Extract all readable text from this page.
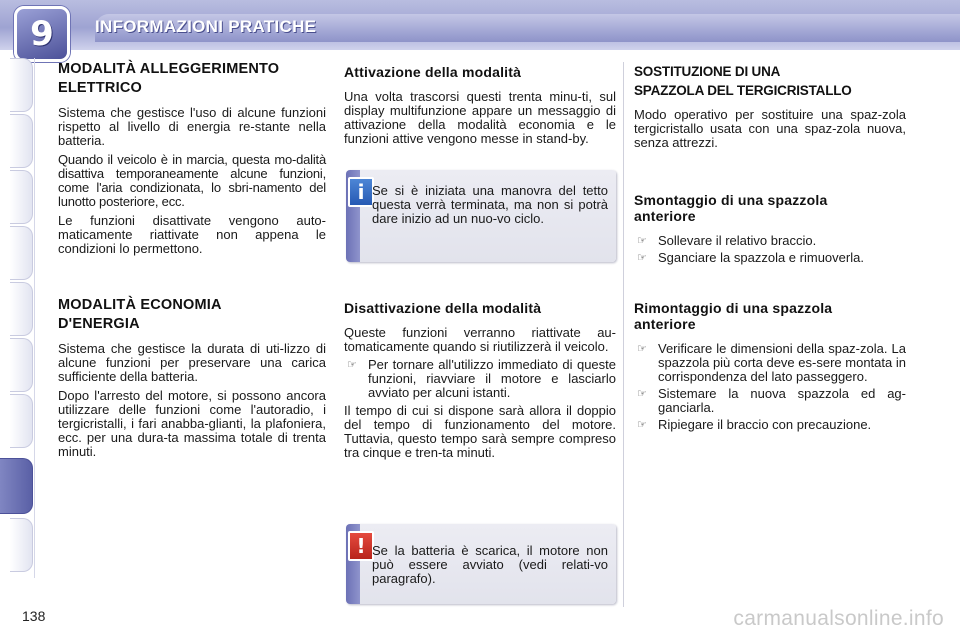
9	INFORMAZIONI PRATICHE
MODALITÀ ALLEGGERIMENTO
ELETTRICO

Sistema che gestisce l'uso di alcune funzioni rispetto al livello di energia re-stante nella batteria.

Quando il veicolo è in marcia, questa mo-dalità disattiva temporaneamente alcune funzioni, come l'aria condizionata, lo sbri-namento del lunotto posteriore, ecc.

Le funzioni disattivate vengono auto-maticamente riattivate non appena le condizioni lo permettono.

MODALITÀ ECONOMIA
D'ENERGIA

Sistema che gestisce la durata di uti-lizzo di alcune funzioni per preservare una carica sufficiente della batteria.

Dopo l'arresto del motore, si possono ancora utilizzare delle funzioni come l'autoradio, i tergicristalli, i fari anabba-glianti, la plafoniera, ecc. per una dura-ta massima totale di trenta minuti.

Attivazione della modalità

Una volta trascorsi questi trenta minu-ti, sul display multifunzione appare un messaggio di attivazione della modalità economia e le funzioni attive vengono messe in stand-by.

Disattivazione della modalità

Queste funzioni verranno riattivate au-tomaticamente quando si riutilizzerà il veicolo.

☞ Per tornare all'utilizzo immediato di queste funzioni, riavviare il motore e lasciarlo avviato per alcuni istanti.

Il tempo di cui si dispone sarà allora il doppio del tempo di funzionamento del motore. Tuttavia, questo tempo sarà sempre compreso tra cinque e tren-ta minuti.

i Se si è iniziata una manovra del tetto questa verrà terminata, ma non si potrà dare inizio ad un nuo-vo ciclo.
! Se la batteria è scarica, il motore non può essere avviato (vedi relati-vo paragrafo).
SOSTITUZIONE DI UNA
SPAZZOLA DEL TERGICRISTALLO

Modo operativo per sostituire una spaz-zola tergicristallo usata con una spaz-zola nuova, senza attrezzi.

Smontaggio di una spazzola anteriore
☞ Sollevare il relativo braccio.
☞ Sganciare la spazzola e rimuoverla.
Rimontaggio di una spazzola anteriore
☞ Verificare le dimensioni della spaz-zola. La spazzola più corta deve es-sere montata in corrispondenza del lato passeggero.
☞ Sistemare la nuova spazzola ed ag-ganciarla.
☞ Ripiegare il braccio con precauzione.
138	carmanualsonline.info
